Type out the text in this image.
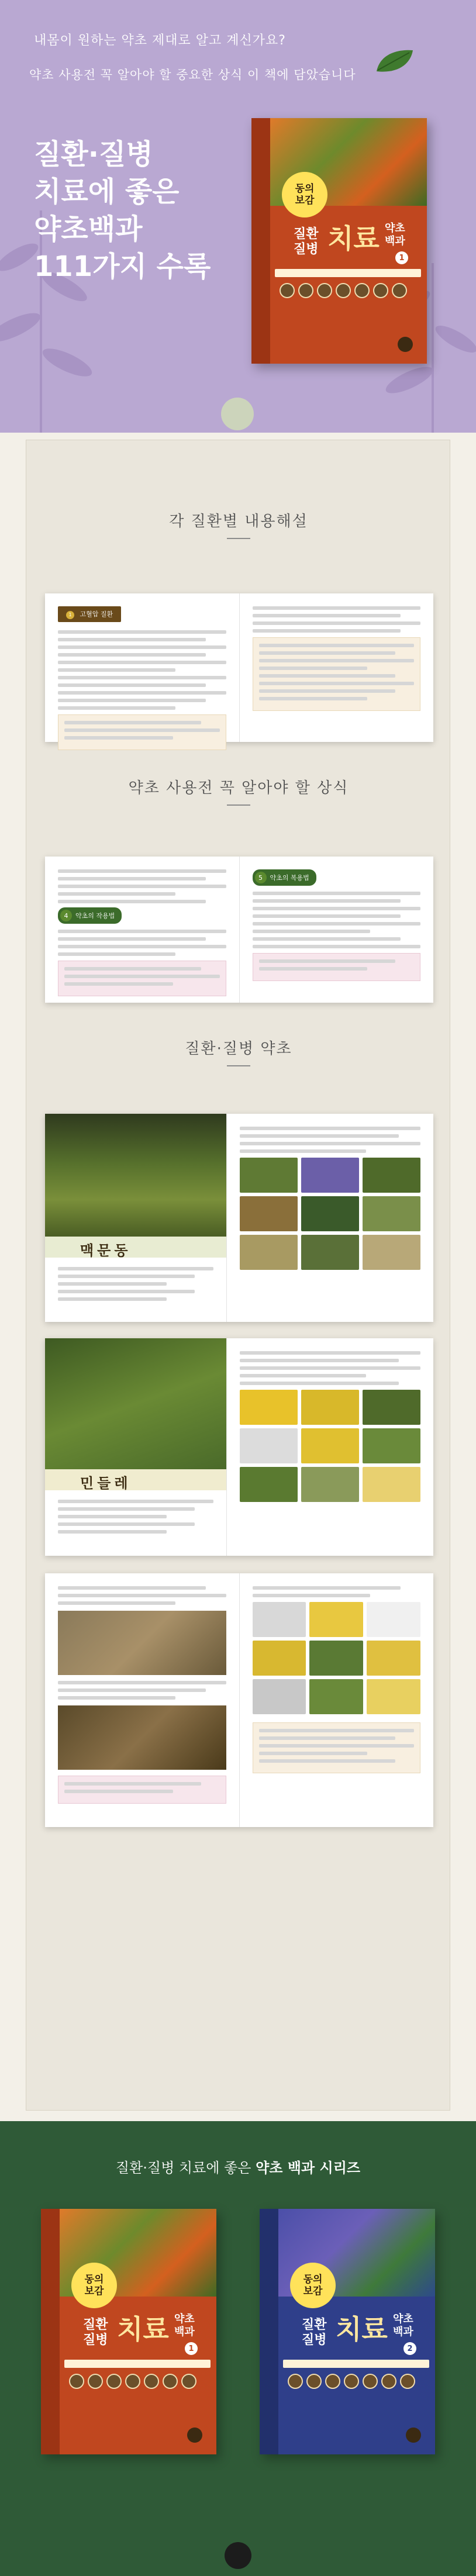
내몸이 원하는 약초 제대로 알고 계신가요?
약초 사용전 꼭 알아야 할 중요한 상식 이 책에 담았습니다
질환·질병
치료에 좋은
약초백과
111가지 수록
동의
보감
질환 질병 치료 약초 백과
1
각 질환별 내용해설
1 고혈압 질환
약초 사용전 꼭 알아야 할 상식
4	약초의 작용법
5	약초의 복용법
질환·질병 약초
맥문동
민들레
질환·질병 치료에 좋은 약초 백과 시리즈
동의
보감
질환 질병 치료 약초 백과
1
동의
보감
질환 질병 치료 약초 백과
2
